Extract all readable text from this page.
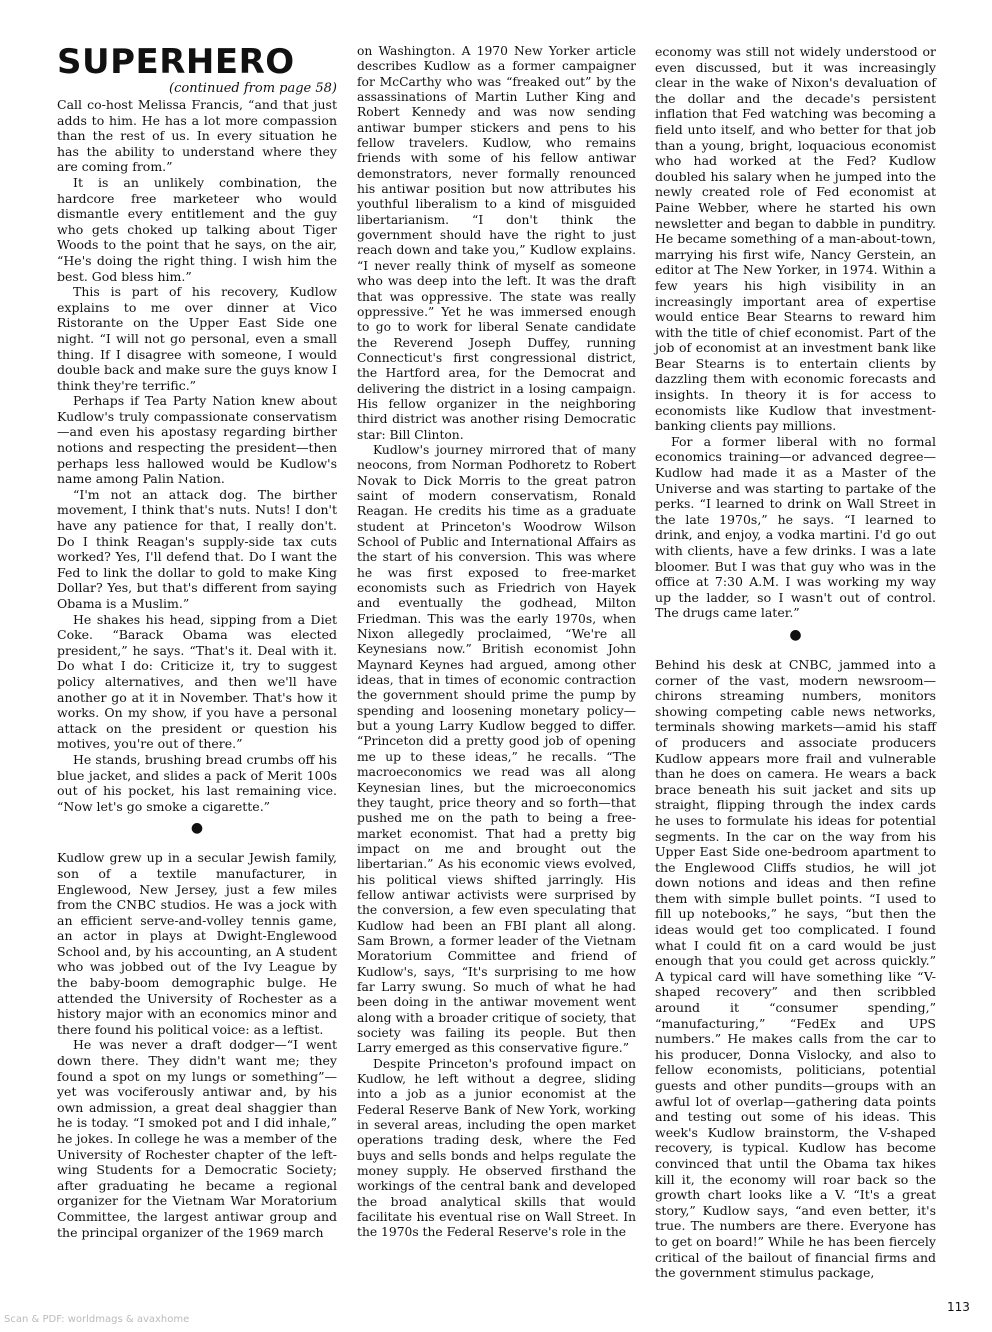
SUPERHERO
(continued from page 58)

Call co-host Melissa Francis, “and that just adds to him. He has a lot more compassion than the rest of us. In every situation he has the ability to understand where they are coming from.”

It is an unlikely combination, the hardcore free marketeer who would dismantle every entitlement and the guy who gets choked up talking about Tiger Woods to the point that he says, on the air, “He's doing the right thing. I wish him the best. God bless him.”

This is part of his recovery, Kudlow explains to me over dinner at Vico Ristorante on the Upper East Side one night. “I will not go personal, even a small thing. If I disagree with someone, I would double back and make sure the guys know I think they're terrific.”

Perhaps if Tea Party Nation knew about Kudlow's truly compassionate conservatism—and even his apostasy regarding birther notions and respecting the president—then perhaps less hallowed would be Kudlow's name among Palin Nation.

“I'm not an attack dog. The birther movement, I think that's nuts. Nuts! I don't have any patience for that, I really don't. Do I think Reagan's supply-side tax cuts worked? Yes, I'll defend that. Do I want the Fed to link the dollar to gold to make King Dollar? Yes, but that's different from saying Obama is a Muslim.”

He shakes his head, sipping from a Diet Coke. “Barack Obama was elected president,” he says. “That's it. Deal with it. Do what I do: Criticize it, try to suggest policy alternatives, and then we'll have another go at it in November. That's how it works. On my show, if you have a personal attack on the president or question his motives, you're out of there.”

He stands, brushing bread crumbs off his blue jacket, and slides a pack of Merit 100s out of his pocket, his last remaining vice. “Now let's go smoke a cigarette.”

●

Kudlow grew up in a secular Jewish family, son of a textile manufacturer, in Englewood, New Jersey, just a few miles from the CNBC studios. He was a jock with an efficient serve-and-volley tennis game, an actor in plays at Dwight-Englewood School and, by his accounting, an A student who was jobbed out of the Ivy League by the baby-boom demographic bulge. He attended the University of Rochester as a history major with an economics minor and there found his political voice: as a leftist.

He was never a draft dodger—“I went down there. They didn't want me; they found a spot on my lungs or something”—yet was vociferously antiwar and, by his own admission, a great deal shaggier than he is today. “I smoked pot and I did inhale,” he jokes. In college he was a member of the University of Rochester chapter of the left-wing Students for a Democratic Society; after graduating he became a regional organizer for the Vietnam War Moratorium Committee, the largest antiwar group and the principal organizer of the 1969 march

on Washington. A 1970 New Yorker article describes Kudlow as a former campaigner for McCarthy who was “freaked out” by the assassinations of Martin Luther King and Robert Kennedy and was now sending antiwar bumper stickers and pens to his fellow travelers. Kudlow, who remains friends with some of his fellow antiwar demonstrators, never formally renounced his antiwar position but now attributes his youthful liberalism to a kind of misguided libertarianism. “I don't think the government should have the right to just reach down and take you,” Kudlow explains. “I never really think of myself as someone who was deep into the left. It was the draft that was oppressive. The state was really oppressive.” Yet he was immersed enough to go to work for liberal Senate candidate the Reverend Joseph Duffey, running Connecticut's first congressional district, the Hartford area, for the Democrat and delivering the district in a losing campaign. His fellow organizer in the neighboring third district was another rising Democratic star: Bill Clinton.

Kudlow's journey mirrored that of many neocons, from Norman Podhoretz to Robert Novak to Dick Morris to the great patron saint of modern conservatism, Ronald Reagan. He credits his time as a graduate student at Princeton's Woodrow Wilson School of Public and International Affairs as the start of his conversion. This was where he was first exposed to free-market economists such as Friedrich von Hayek and eventually the godhead, Milton Friedman. This was the early 1970s, when Nixon allegedly proclaimed, “We're all Keynesians now.” British economist John Maynard Keynes had argued, among other ideas, that in times of economic contraction the government should prime the pump by spending and loosening monetary policy—but a young Larry Kudlow begged to differ. “Princeton did a pretty good job of opening me up to these ideas,” he recalls. “The macroeconomics we read was all along Keynesian lines, but the microeconomics they taught, price theory and so forth—that pushed me on the path to being a free-market economist. That had a pretty big impact on me and brought out the libertarian.” As his economic views evolved, his political views shifted jarringly. His fellow antiwar activists were surprised by the conversion, a few even speculating that Kudlow had been an FBI plant all along. Sam Brown, a former leader of the Vietnam Moratorium Committee and friend of Kudlow's, says, “It's surprising to me how far Larry swung. So much of what he had been doing in the antiwar movement went along with a broader critique of society, that society was failing its people. But then Larry emerged as this conservative figure.”

Despite Princeton's profound impact on Kudlow, he left without a degree, sliding into a job as a junior economist at the Federal Reserve Bank of New York, working in several areas, including the open market operations trading desk, where the Fed buys and sells bonds and helps regulate the money supply. He observed firsthand the workings of the central bank and developed the broad analytical skills that would facilitate his eventual rise on Wall Street. In the 1970s the Federal Reserve's role in the

economy was still not widely understood or even discussed, but it was increasingly clear in the wake of Nixon's devaluation of the dollar and the decade's persistent inflation that Fed watching was becoming a field unto itself, and who better for that job than a young, bright, loquacious economist who had worked at the Fed? Kudlow doubled his salary when he jumped into the newly created role of Fed economist at Paine Webber, where he started his own newsletter and began to dabble in punditry. He became something of a man-about-town, marrying his first wife, Nancy Gerstein, an editor at The New Yorker, in 1974. Within a few years his high visibility in an increasingly important area of expertise would entice Bear Stearns to reward him with the title of chief economist. Part of the job of economist at an investment bank like Bear Stearns is to entertain clients by dazzling them with economic forecasts and insights. In theory it is for access to economists like Kudlow that investment-banking clients pay millions.

For a former liberal with no formal economics training—or advanced degree—Kudlow had made it as a Master of the Universe and was starting to partake of the perks. “I learned to drink on Wall Street in the late 1970s,” he says. “I learned to drink, and enjoy, a vodka martini. I'd go out with clients, have a few drinks. I was a late bloomer. But I was that guy who was in the office at 7:30 A.M. I was working my way up the ladder, so I wasn't out of control. The drugs came later.”

●

Behind his desk at CNBC, jammed into a corner of the vast, modern newsroom—chirons streaming numbers, monitors showing competing cable news networks, terminals showing markets—amid his staff of producers and associate producers Kudlow appears more frail and vulnerable than he does on camera. He wears a back brace beneath his suit jacket and sits up straight, flipping through the index cards he uses to formulate his ideas for potential segments. In the car on the way from his Upper East Side one-bedroom apartment to the Englewood Cliffs studios, he will jot down notions and ideas and then refine them with simple bullet points. “I used to fill up notebooks,” he says, “but then the ideas would get too complicated. I found what I could fit on a card would be just enough that you could get across quickly.” A typical card will have something like “V-shaped recovery” and then scribbled around it “consumer spending,” “manufacturing,” “FedEx and UPS numbers.” He makes calls from the car to his producer, Donna Vislocky, and also to fellow economists, politicians, potential guests and other pundits—groups with an awful lot of overlap—gathering data points and testing out some of his ideas. This week's Kudlow brainstorm, the V-shaped recovery, is typical. Kudlow has become convinced that until the Obama tax hikes kill it, the economy will roar back so the growth chart looks like a V. “It's a great story,” Kudlow says, “and even better, it's true. The numbers are there. Everyone has to get on board!” While he has been fiercely critical of the bailout of financial firms and the government stimulus package,

113
Scan & PDF: worldmags & avaxhome
